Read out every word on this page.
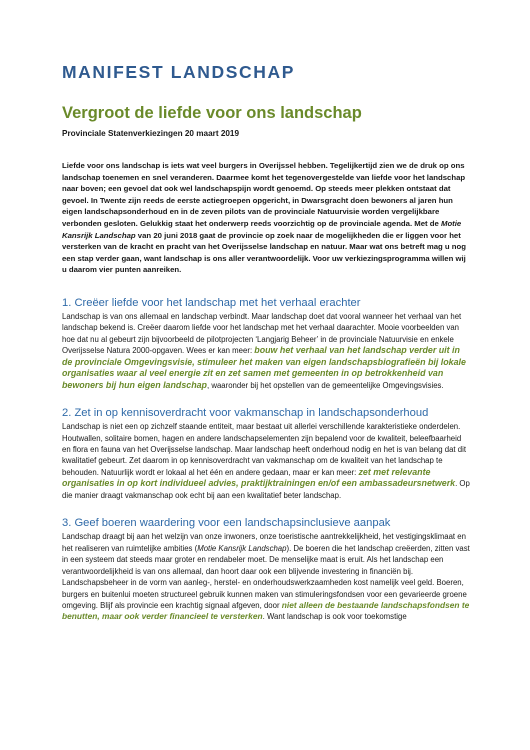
MANIFEST LANDSCHAP
Vergroot de liefde voor ons landschap
Provinciale Statenverkiezingen 20 maart 2019

Liefde voor ons landschap is iets wat veel burgers in Overijssel hebben. Tegelijkertijd zien we de druk op ons landschap toenemen en snel veranderen. Daarmee komt het tegenovergestelde van liefde voor het landschap naar boven; een gevoel dat ook wel landschapspijn wordt genoemd. Op steeds meer plekken ontstaat dat gevoel. In Twente zijn reeds de eerste actiegroepen opgericht, in Dwarsgracht doen bewoners al jaren hun eigen landschapsonderhoud en in de zeven pilots van de provinciale Natuurvisie worden vergelijkbare verbonden gesloten. Gelukkig staat het onderwerp reeds voorzichtig op de provinciale agenda. Met de Motie Kansrijk Landschap van 20 juni 2018 gaat de provincie op zoek naar de mogelijkheden die er liggen voor het versterken van de kracht en pracht van het Overijsselse landschap en natuur. Maar wat ons betreft mag u nog een stap verder gaan, want landschap is ons aller verantwoordelijk. Voor uw verkiezingsprogramma willen wij u daarom vier punten aanreiken.

1. Creëer liefde voor het landschap met het verhaal erachter

Landschap is van ons allemaal en landschap verbindt. Maar landschap doet dat vooral wanneer het verhaal van het landschap bekend is. Creëer daarom liefde voor het landschap met het verhaal daarachter. Mooie voorbeelden van hoe dat nu al gebeurt zijn bijvoorbeeld de pilotprojecten ‘Langjarig Beheer’ in de provinciale Natuurvisie en enkele Overijsselse Natura 2000-opgaven. Wees er kan meer: bouw het verhaal van het landschap verder uit in de provinciale Omgevingsvisie, stimuleer het maken van eigen landschapsbiografieën bij lokale organisaties waar al veel energie zit en zet samen met gemeenten in op betrokkenheid van bewoners bij hun eigen landschap, waaronder bij het opstellen van de gemeentelijke Omgevingsvisies.

2. Zet in op kennisoverdracht voor vakmanschap in landschapsonderhoud

Landschap is niet een op zichzelf staande entiteit, maar bestaat uit allerlei verschillende karakteristieke onderdelen. Houtwallen, solitaire bomen, hagen en andere landschapselementen zijn bepalend voor de kwaliteit, beleefbaarheid en flora en fauna van het Overijsselse landschap. Maar landschap heeft onderhoud nodig en het is van belang dat dit kwalitatief gebeurt. Zet daarom in op kennisoverdracht van vakmanschap om de kwaliteit van het landschap te behouden. Natuurlijk wordt er lokaal al het één en andere gedaan, maar er kan meer: zet met relevante organisaties in op kort individueel advies, praktijktrainingen en/of een ambassadeursnetwerk. Op die manier draagt vakmanschap ook echt bij aan een kwalitatief beter landschap.

3. Geef boeren waardering voor een landschapsinclusieve aanpak

Landschap draagt bij aan het welzijn van onze inwoners, onze toeristische aantrekkelijkheid, het vestigingsklimaat en het realiseren van ruimtelijke ambities (Motie Kansrijk Landschap). De boeren die het landschap creëerden, zitten vast in een systeem dat steeds maar groter en rendabeler moet. De menselijke maat is eruit. Als het landschap een verantwoordelijkheid is van ons allemaal, dan hoort daar ook een blijvende investering in financiën bij. Landschapsbeheer in de vorm van aanleg-, herstel- en onderhoudswerkzaamheden kost namelijk veel geld. Boeren, burgers en buitenlui moeten structureel gebruik kunnen maken van stimuleringsfondsen voor een gevarieerde groene omgeving. Blijf als provincie een krachtig signaal afgeven, door niet alleen de bestaande landschapsfondsen te benutten, maar ook verder financieel te versterken. Want landschap is ook voor toekomstige
